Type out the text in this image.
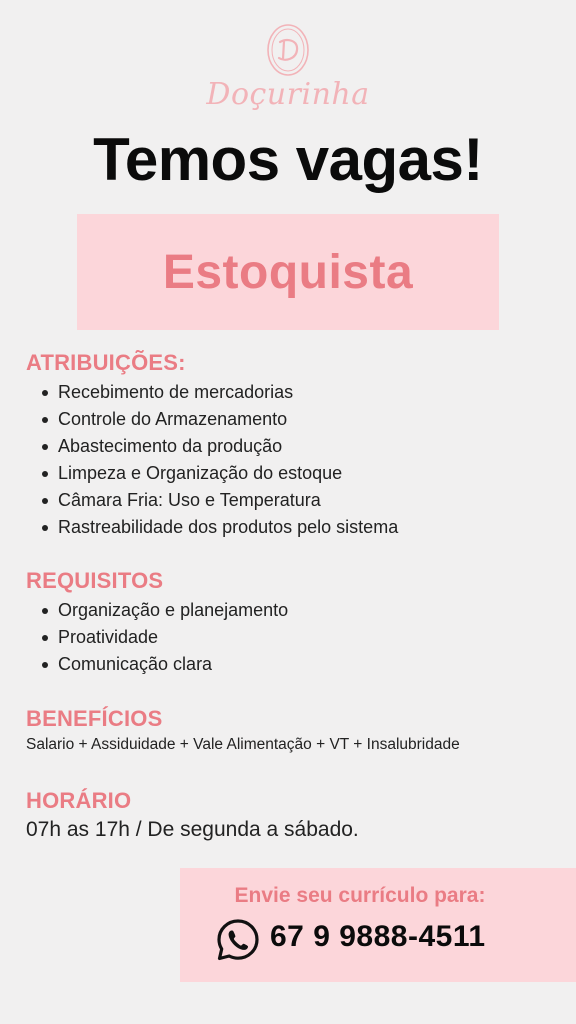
Doçurinha
Temos vagas!
Estoquista
ATRIBUIÇÕES:
Recebimento de mercadorias
Controle do Armazenamento
Abastecimento da produção
Limpeza e Organização do estoque
Câmara Fria: Uso e Temperatura
Rastreabilidade dos produtos pelo sistema
REQUISITOS
Organização e planejamento
Proatividade
Comunicação clara
BENEFÍCIOS
Salario + Assiduidade + Vale Alimentação + VT + Insalubridade
HORÁRIO
07h as 17h / De segunda a sábado.
Envie seu currículo para:
67 9 9888-4511
